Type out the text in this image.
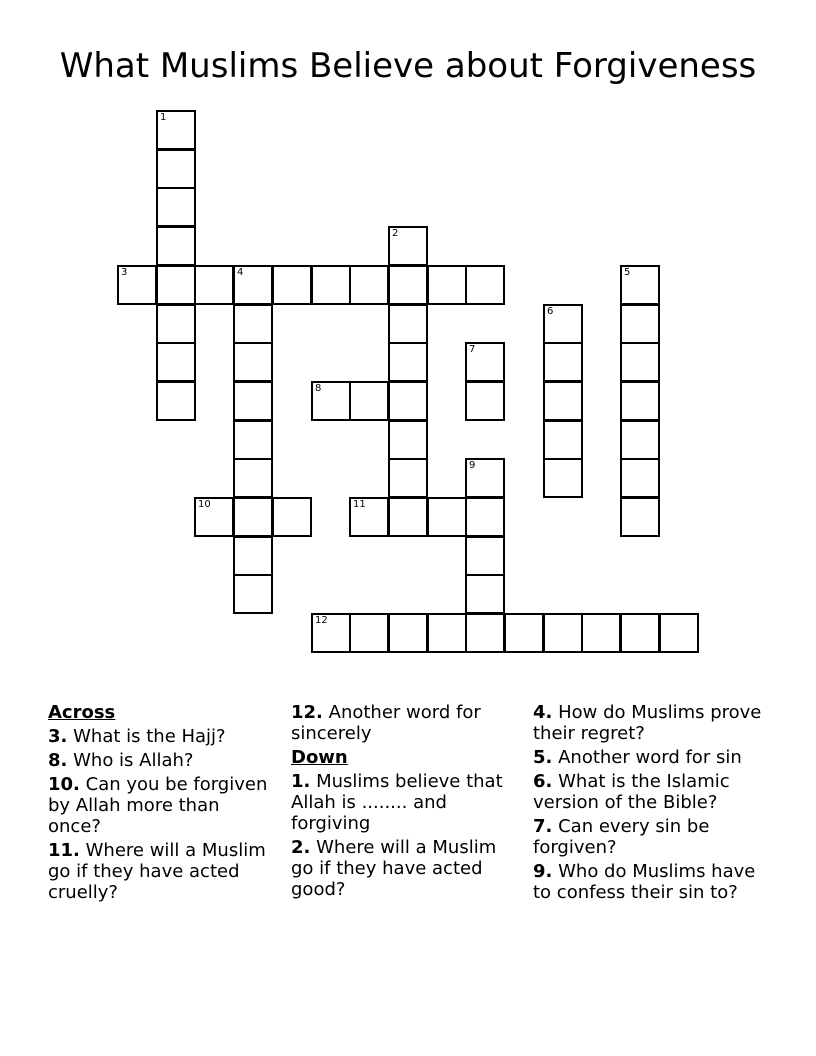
What Muslims Believe about Forgiveness
1
2
3	4	5
6
7
8
9
10	11
12
Across
3. What is the Hajj?
8. Who is Allah?
10. Can you be forgiven by Allah more than once?
11. Where will a Muslim go if they have acted cruelly?
12. Another word for sincerely
Down
1. Muslims believe that Allah is ........ and forgiving
2. Where will a Muslim go if they have acted good?
4. How do Muslims prove their regret?
5. Another word for sin
6. What is the Islamic version of the Bible?
7. Can every sin be forgiven?
9. Who do Muslims have to confess their sin to?
